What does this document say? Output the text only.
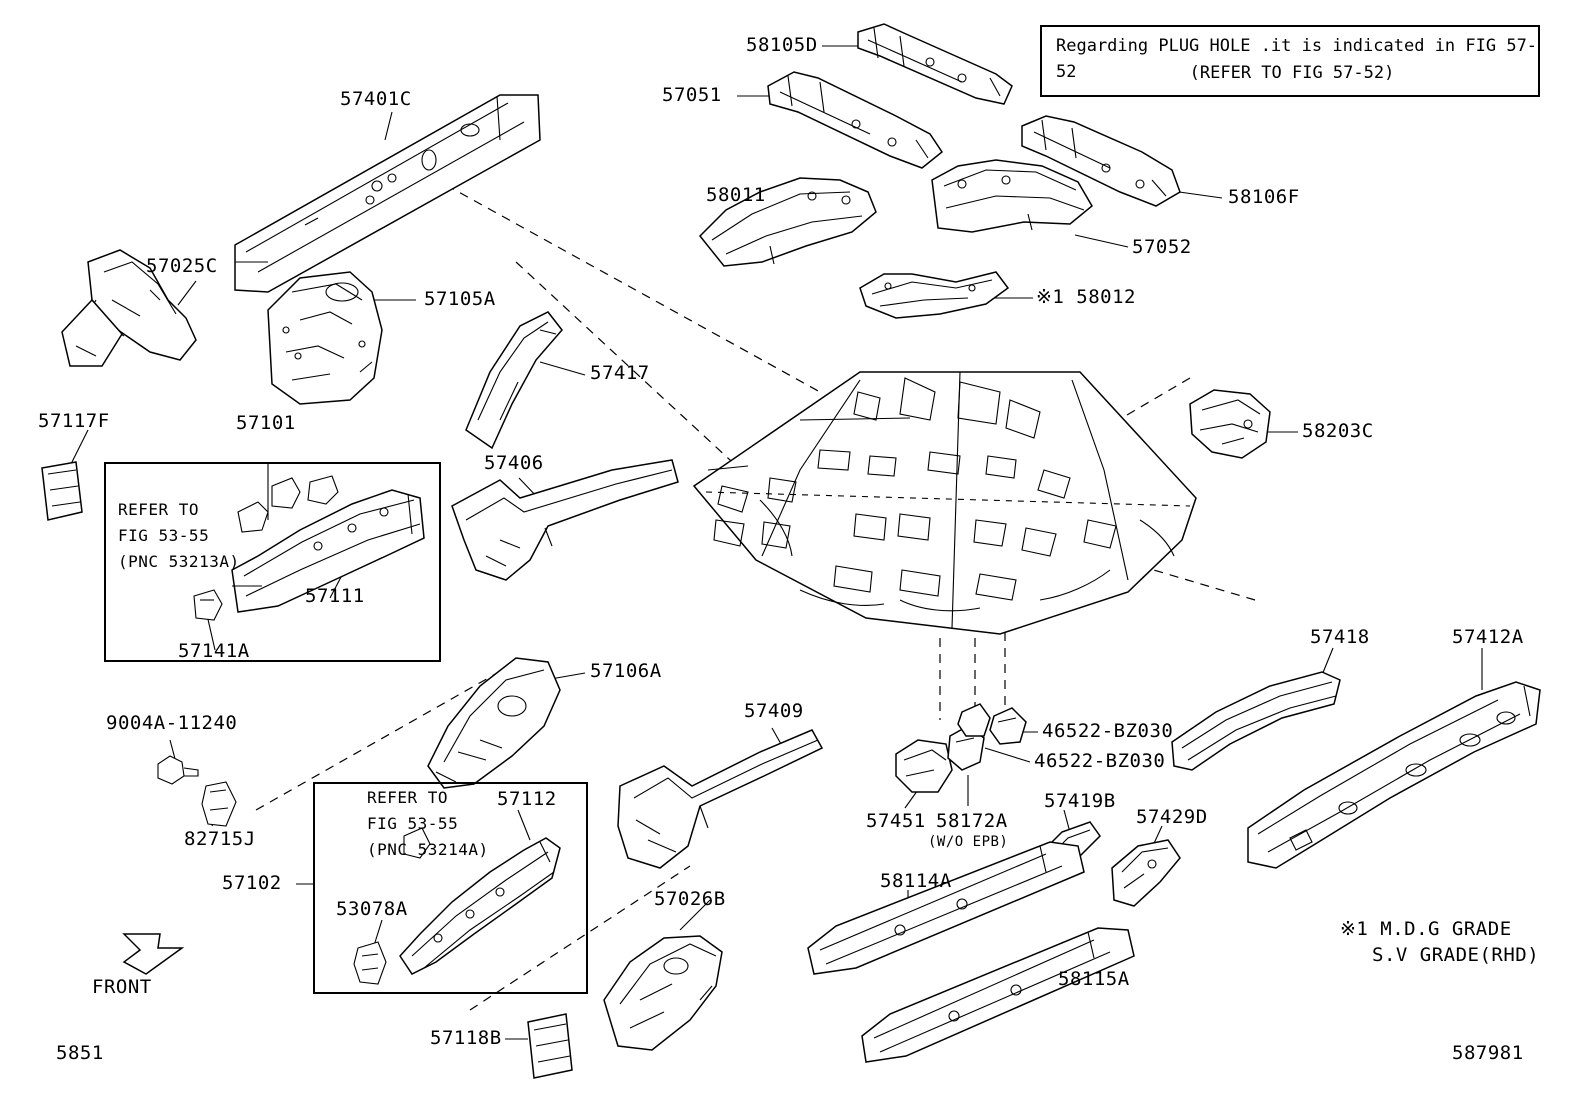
Regarding PLUG HOLE .it is indicated in FIG 57-52	(REFER TO FIG 57-52)
REFER TO
FIG 53-55
(PNC 53213A)
REFER TO
FIG 53-55
(PNC 53214A)
57401C
57025C
57117F	57101
57105A
57417
57406
57111
57141A
57106A
9004A-11240
82715J
57102
53078A
57112
57118B
57026B
57409
58105D
57051
58011	58106F
57052
※1 58012
58203C
46522-BZ030
46522-BZ030
57451 58172A
(W/O EPB)
57419B
57429D
58114A
58115A
57418	57412A
※1 M.D.G GRADE
S.V GRADE(RHD)
FRONT
5851	587981
